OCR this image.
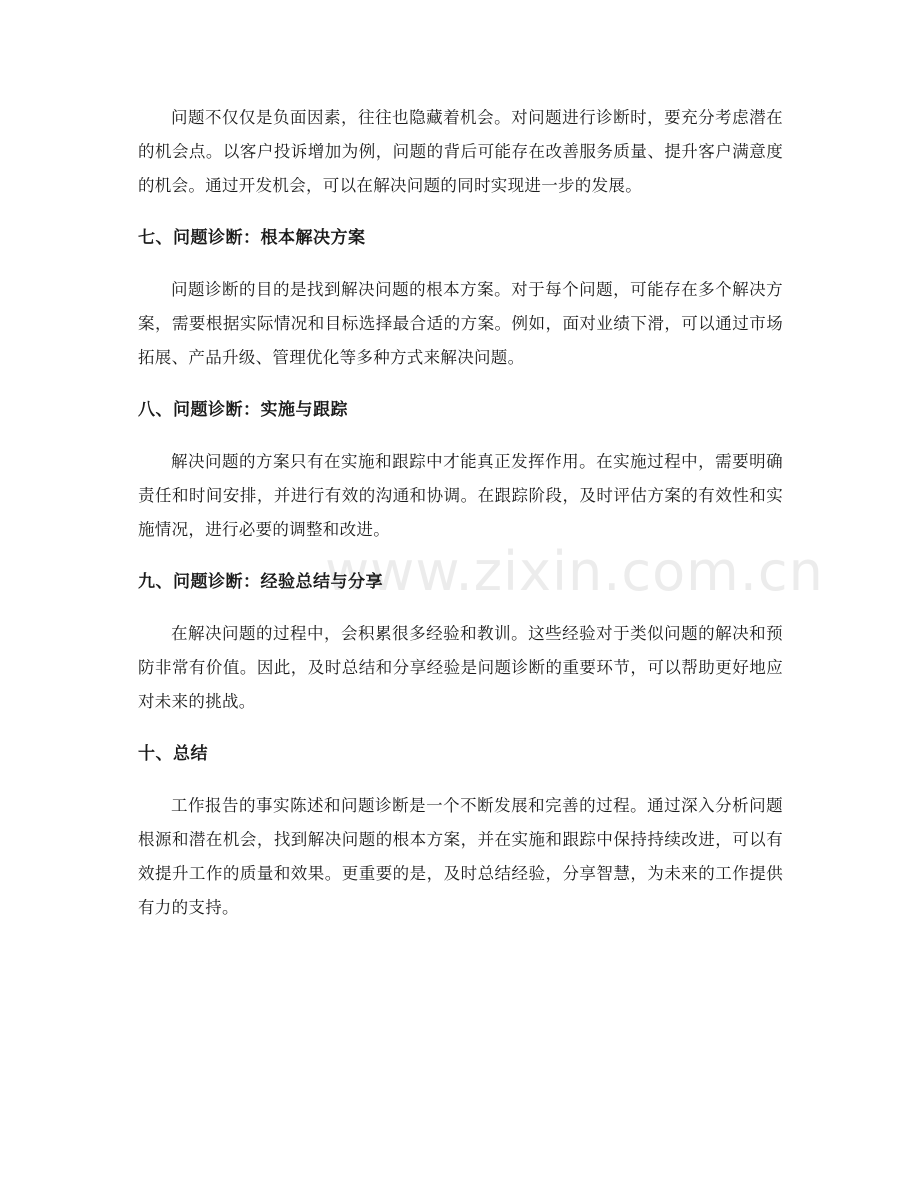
www.zixin.com.cn

问题不仅仅是负面因素，往往也隐藏着机会。对问题进行诊断时，要充分考虑潜在的机会点。以客户投诉增加为例，问题的背后可能存在改善服务质量、提升客户满意度的机会。通过开发机会，可以在解决问题的同时实现进一步的发展。

七、问题诊断：根本解决方案

问题诊断的目的是找到解决问题的根本方案。对于每个问题，可能存在多个解决方案，需要根据实际情况和目标选择最合适的方案。例如，面对业绩下滑，可以通过市场拓展、产品升级、管理优化等多种方式来解决问题。

八、问题诊断：实施与跟踪

解决问题的方案只有在实施和跟踪中才能真正发挥作用。在实施过程中，需要明确责任和时间安排，并进行有效的沟通和协调。在跟踪阶段，及时评估方案的有效性和实施情况，进行必要的调整和改进。

九、问题诊断：经验总结与分享

在解决问题的过程中，会积累很多经验和教训。这些经验对于类似问题的解决和预防非常有价值。因此，及时总结和分享经验是问题诊断的重要环节，可以帮助更好地应对未来的挑战。

十、总结

工作报告的事实陈述和问题诊断是一个不断发展和完善的过程。通过深入分析问题根源和潜在机会，找到解决问题的根本方案，并在实施和跟踪中保持持续改进，可以有效提升工作的质量和效果。更重要的是，及时总结经验，分享智慧，为未来的工作提供有力的支持。
